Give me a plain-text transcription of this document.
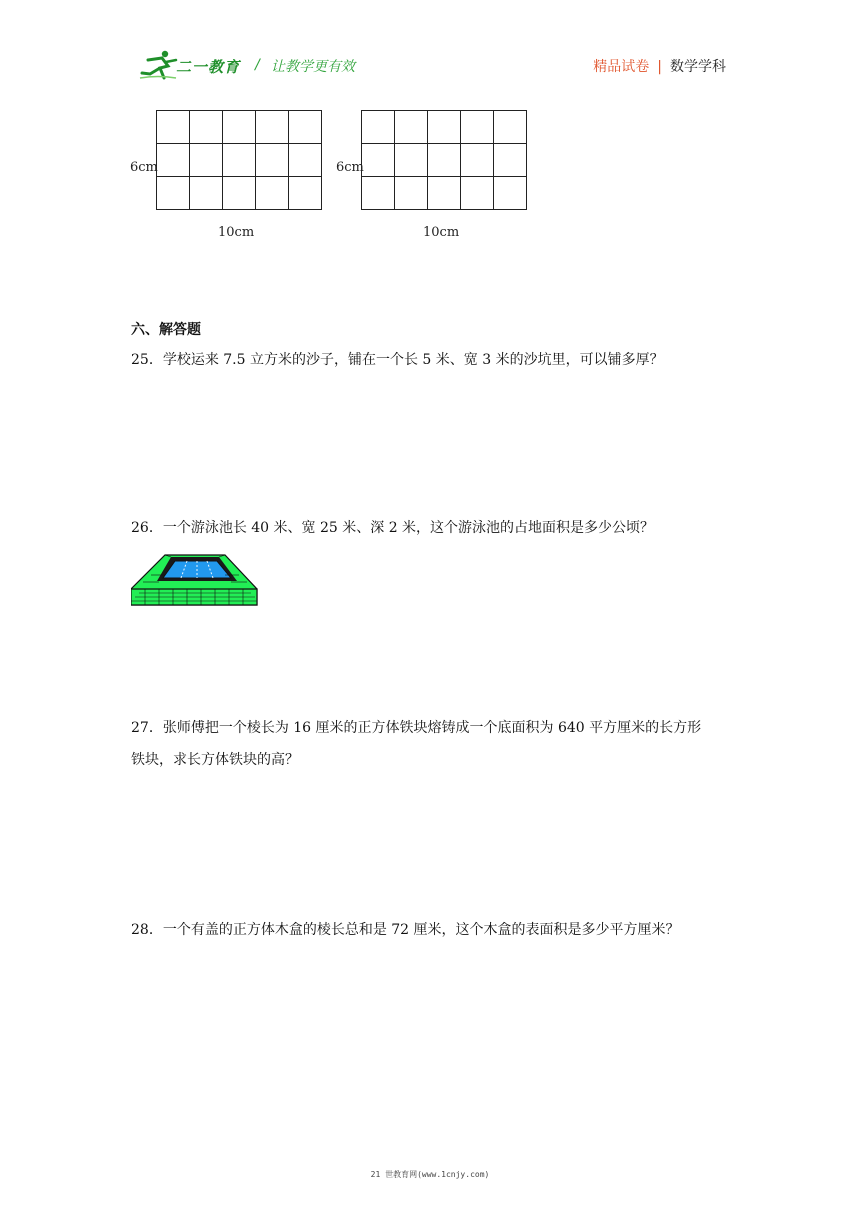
二一教育 / 让教学更有效	精品试卷 | 数学学科

6cm
10cm

6cm
10cm
六、解答题
25．学校运来 7.5 立方米的沙子，铺在一个长 5 米、宽 3 米的沙坑里，可以铺多厚？
26．一个游泳池长 40 米、宽 25 米、深 2 米，这个游泳池的占地面积是多少公顷？
27．张师傅把一个棱长为 16 厘米的正方体铁块熔铸成一个底面积为 640 平方厘米的长方形
铁块，求长方体铁块的高？
28．一个有盖的正方体木盒的棱长总和是 72 厘米，这个木盒的表面积是多少平方厘米？
21 世教育网(www.1cnjy.com)
